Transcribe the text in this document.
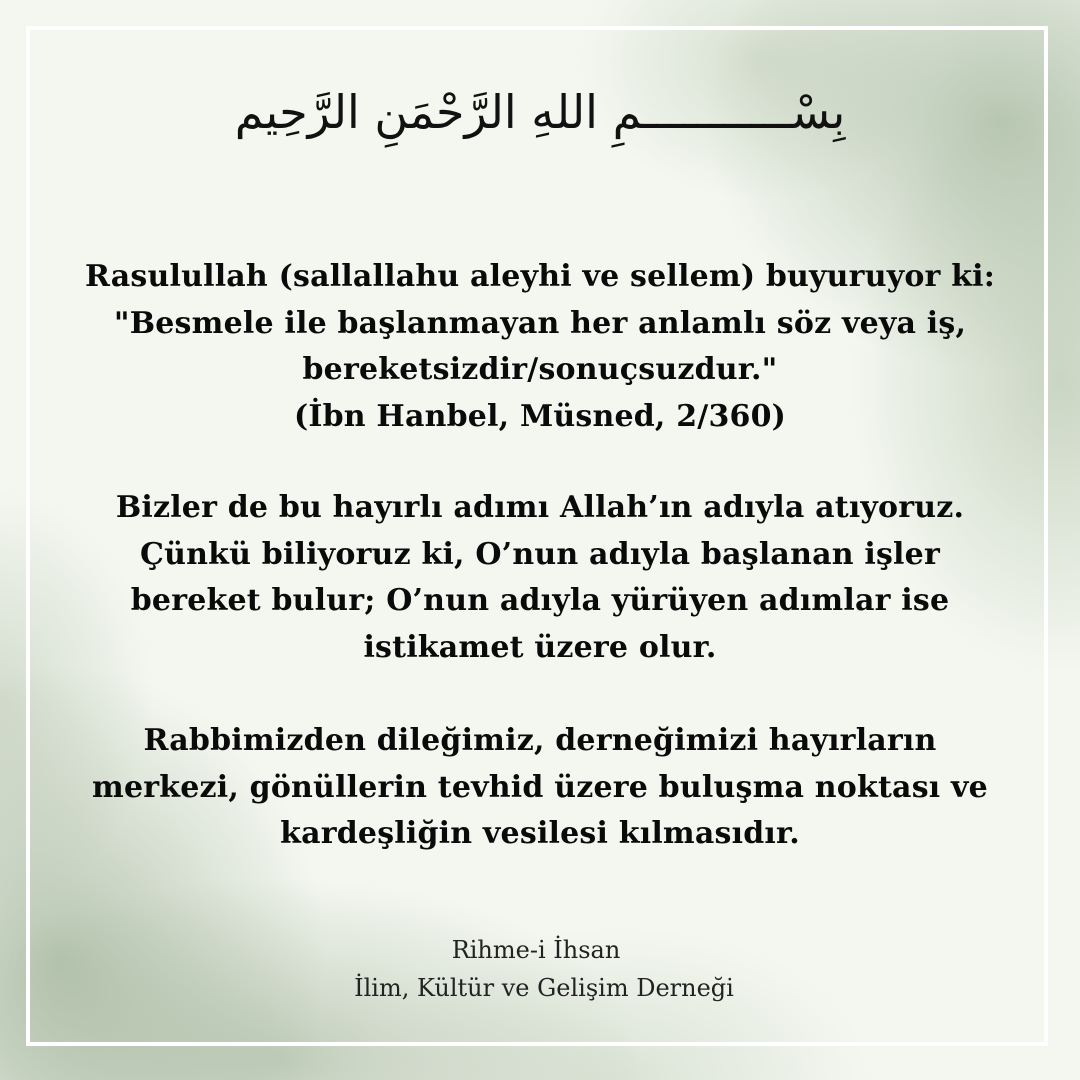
بِسْـــــــــــمِ اللهِ الرَّحْمَنِ الرَّحِيم
Rasulullah (sallallahu aleyhi ve sellem) buyuruyor ki:
"Besmele ile başlanmayan her anlamlı söz veya iş,
bereketsizdir/sonuçsuzdur."
(İbn Hanbel, Müsned, 2/360)
Bizler de bu hayırlı adımı Allah’ın adıyla atıyoruz.
Çünkü biliyoruz ki, O’nun adıyla başlanan işler
bereket bulur; O’nun adıyla yürüyen adımlar ise
istikamet üzere olur.
Rabbimizden dileğimiz, derneğimizi hayırların
merkezi, gönüllerin tevhid üzere buluşma noktası ve
kardeşliğin vesilesi kılmasıdır.
Rihme-i İhsan
İlim, Kültür ve Gelişim Derneği
